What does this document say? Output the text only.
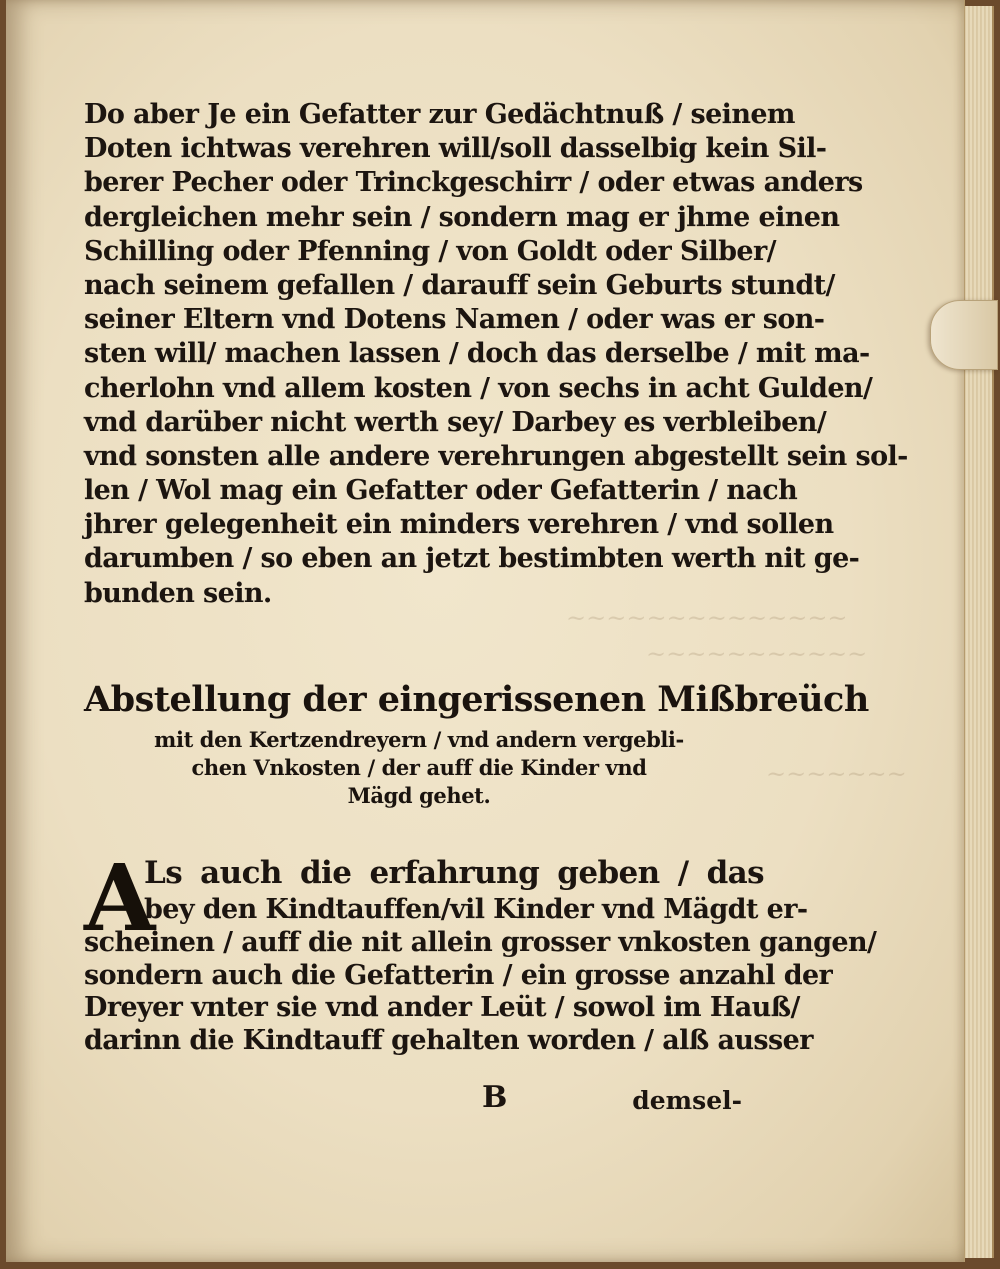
~~~~~~~~~~~~~~
~~~~~~~~~~~
~~~~~~~
Do aber Je ein Gefatter zur Gedächtnuß / seinem
Doten ichtwas verehren will/soll dasselbig kein Sil-
berer Pecher oder Trinckgeschirr / oder etwas anders
dergleichen mehr sein / sondern mag er jhme einen
Schilling oder Pfenning / von Goldt oder Silber/
nach seinem gefallen / darauff sein Geburts stundt/
seiner Eltern vnd Dotens Namen / oder was er son-
sten will/ machen lassen / doch das derselbe / mit ma-
cherlohn vnd allem kosten / von sechs in acht Gulden/
vnd darüber nicht werth sey/ Darbey es verbleiben/
vnd sonsten alle andere verehrungen abgestellt sein sol-
len / Wol mag ein Gefatter oder Gefatterin / nach
jhrer gelegenheit ein minders verehren / vnd sollen
darumben / so eben an jetzt bestimbten werth nit ge-
bunden sein.
Abstellung der eingerissenen Mißbreüch
mit den Kertzendreyern / vnd andern vergebli-
chen Vnkosten / der auff die Kinder vnd
Mägd gehet.
A
Ls auch die erfahrung geben / das
bey den Kindtauffen/vil Kinder vnd Mägdt er-
scheinen / auff die nit allein grosser vnkosten gangen/
sondern auch die Gefatterin / ein grosse anzahl der
Dreyer vnter sie vnd ander Leüt / sowol im Hauß/
darinn die Kindtauff gehalten worden / alß ausser
B	demsel-
